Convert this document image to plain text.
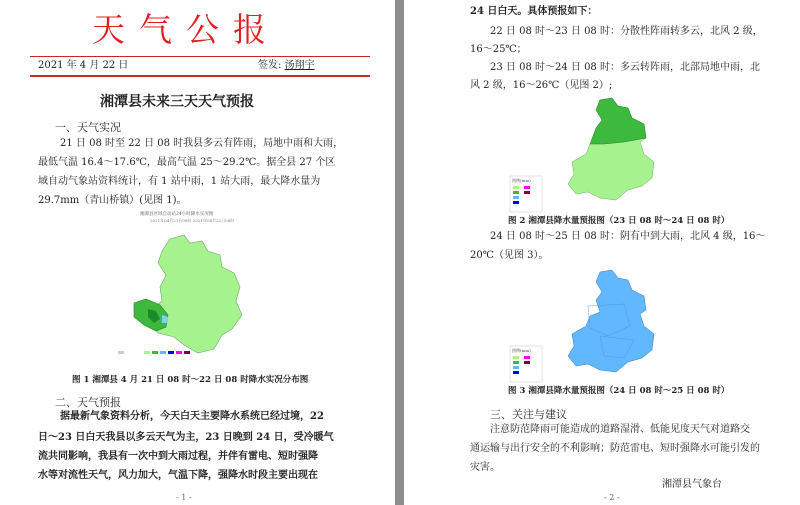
天气公报
2021 年 4 月 22 日	签发: 汤翔宇
湘潭县未来三天天气预报
一、天气实况
21 日 08 时至 22 日 08 时我县多云有阵雨，局地中雨和大雨，
最低气温 16.4～17.6℃，最高气温 25～29.2℃。据全县 27 个区
域自动气象站资料统计，有 1 站中雨，1 站大雨，最大降水量为
29.7mm（青山桥镇）(见图 1)。
湘潭县区域自动站24小时降水实况图
2021年04月21日08时-2021年04月22日08时
图 1 湘潭县 4 月 21 日 08 时～22 日 08 时降水实况分布图
二、天气预报
据最新气象资料分析，今天白天主要降水系统已经过境，22
日～23 日白天我县以多云天气为主，23 日晚到 24 日，受冷暖气
流共同影响，我县有一次中到大雨过程，并伴有雷电、短时强降
水等对流性天气，风力加大，气温下降，强降水时段主要出现在
- 1 -
24 日白天。具体预报如下：
22 日 08 时～23 日 08 时：分散性阵雨转多云，北风 2 级，
16～25℃；
23 日 08 时～24 日 08 时：多云转阵雨，北部局地中雨，北
风 2 级，16～26℃（见图 2）;
图例(mm)
图 2 湘潭县降水量预报图（23 日 08 时～24 日 08 时）
24 日 08 时～25 日 08 时：阴有中到大雨，北风 4 级，16～
20℃（见图 3）。
图例(mm)
图 3 湘潭县降水量预报图（24 日 08 时～25 日 08 时）
三、关注与建议
注意防范降雨可能造成的道路湿滑、低能见度天气对道路交
通运输与出行安全的不利影响；防范雷电、短时强降水可能引发的
灾害。
湘潭县气象台
- 2 -
